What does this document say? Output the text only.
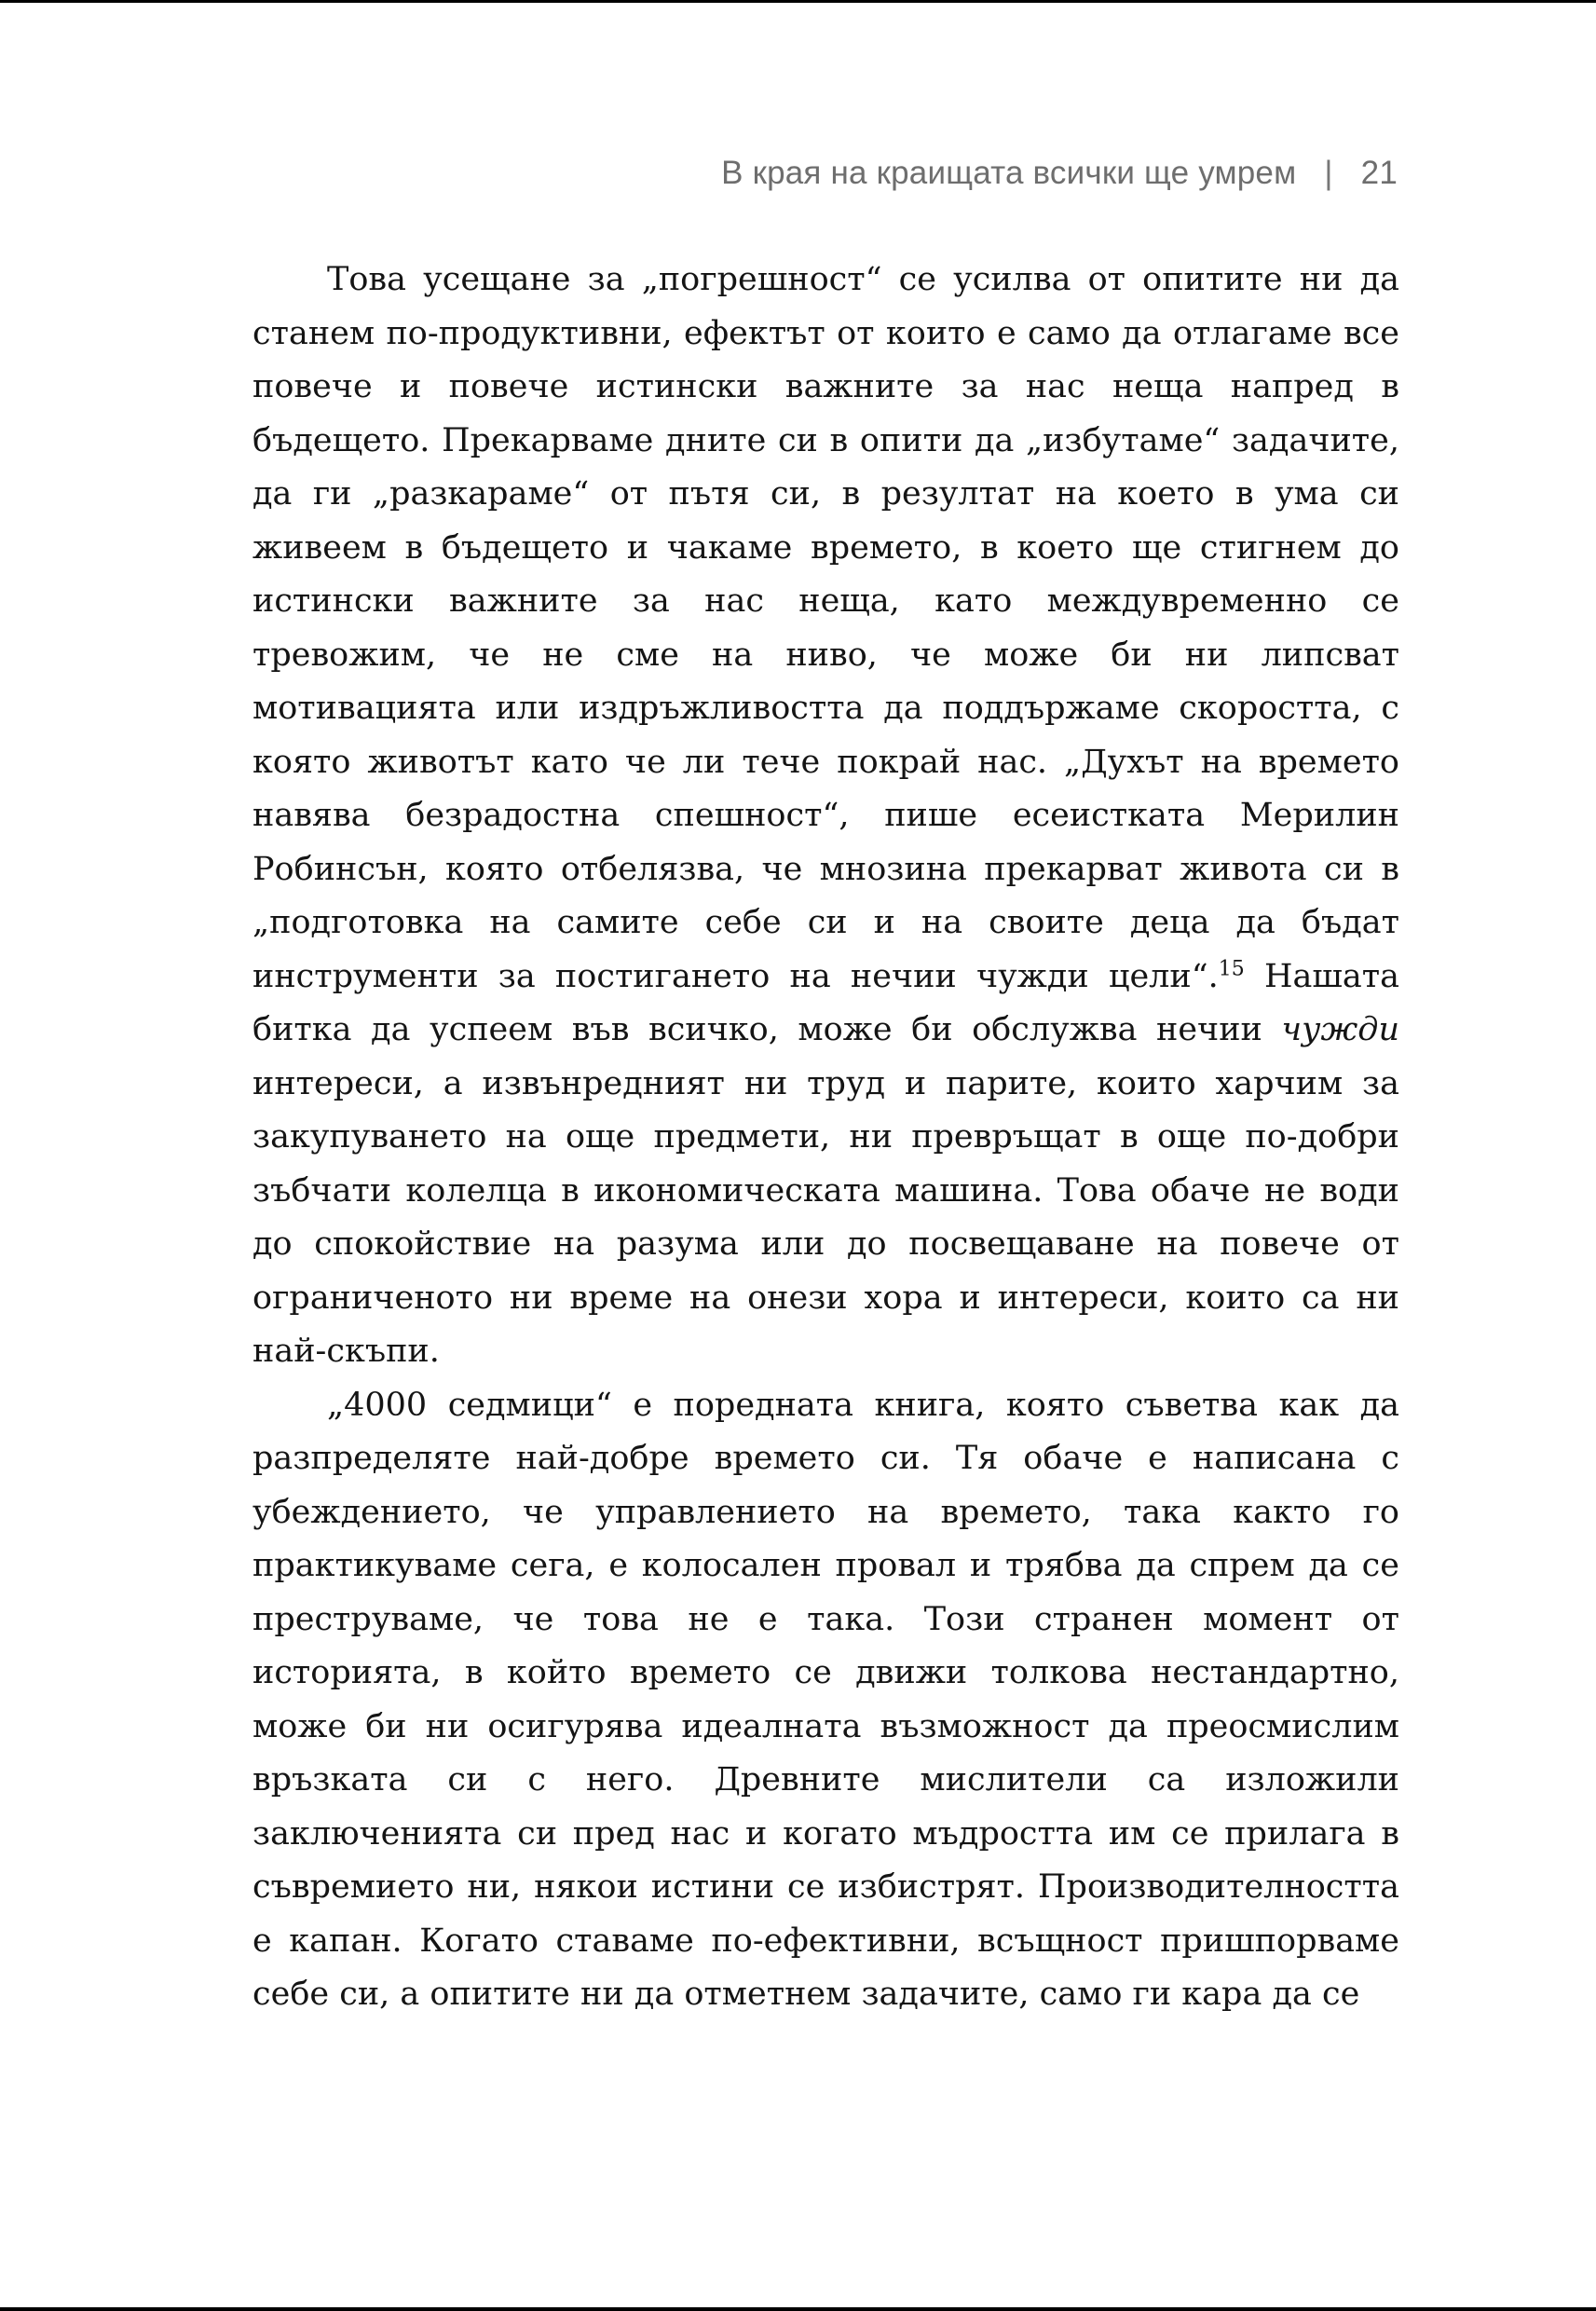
В края на краищата всички ще умрем | 21

Това усещане за „погрешност“ се усилва от опитите ни да станем по-продуктивни, ефектът от които е само да отлагаме все повече и повече истински важните за нас неща напред в бъдещето. Прекарваме дните си в опити да „избутаме“ задачите, да ги „разкараме“ от пътя си, в резултат на което в ума си живеем в бъдещето и чакаме времето, в което ще стигнем до истински важните за нас неща, като междувременно се тревожим, че не сме на ниво, че може би ни липсват мотивацията или издръжливостта да поддържаме скоростта, с която животът като че ли тече покрай нас. „Духът на времето навява безрадостна спешност“, пише есеистката Мерилин Робинсън, която отбелязва, че мнозина прекарват живота си в „подготовка на самите себе си и на своите деца да бъдат инструменти за постигането на нечии чужди цели“.$^{15}$ Нашата битка да успеем във всичко, може би обслужва нечии чужди интереси, а извънредният ни труд и парите, които харчим за закупуването на още предмети, ни превръщат в още по-добри зъбчати колелца в икономическата машина. Това обаче не води до спокойствие на разума или до посвещаване на повече от ограниченото ни време на онези хора и интереси, които са ни най-скъпи.

„4000 седмици“ е поредната книга, която съветва как да разпределяте най-добре времето си. Тя обаче е написана с убеждението, че управлението на времето, така както го практикуваме сега, е колосален провал и трябва да спрем да се преструваме, че това не е така. Този странен момент от историята, в който времето се движи толкова нестандартно, може би ни осигурява идеалната възможност да преосмислим връзката си с него. Древните мислители са изложили заключенията си пред нас и когато мъдростта им се прилага в съвремието ни, някои истини се избистрят. Производителността е капан. Когато ставаме по-ефективни, всъщност пришпорваме себе си, а опитите ни да отметнем задачите, само ги кара да се
